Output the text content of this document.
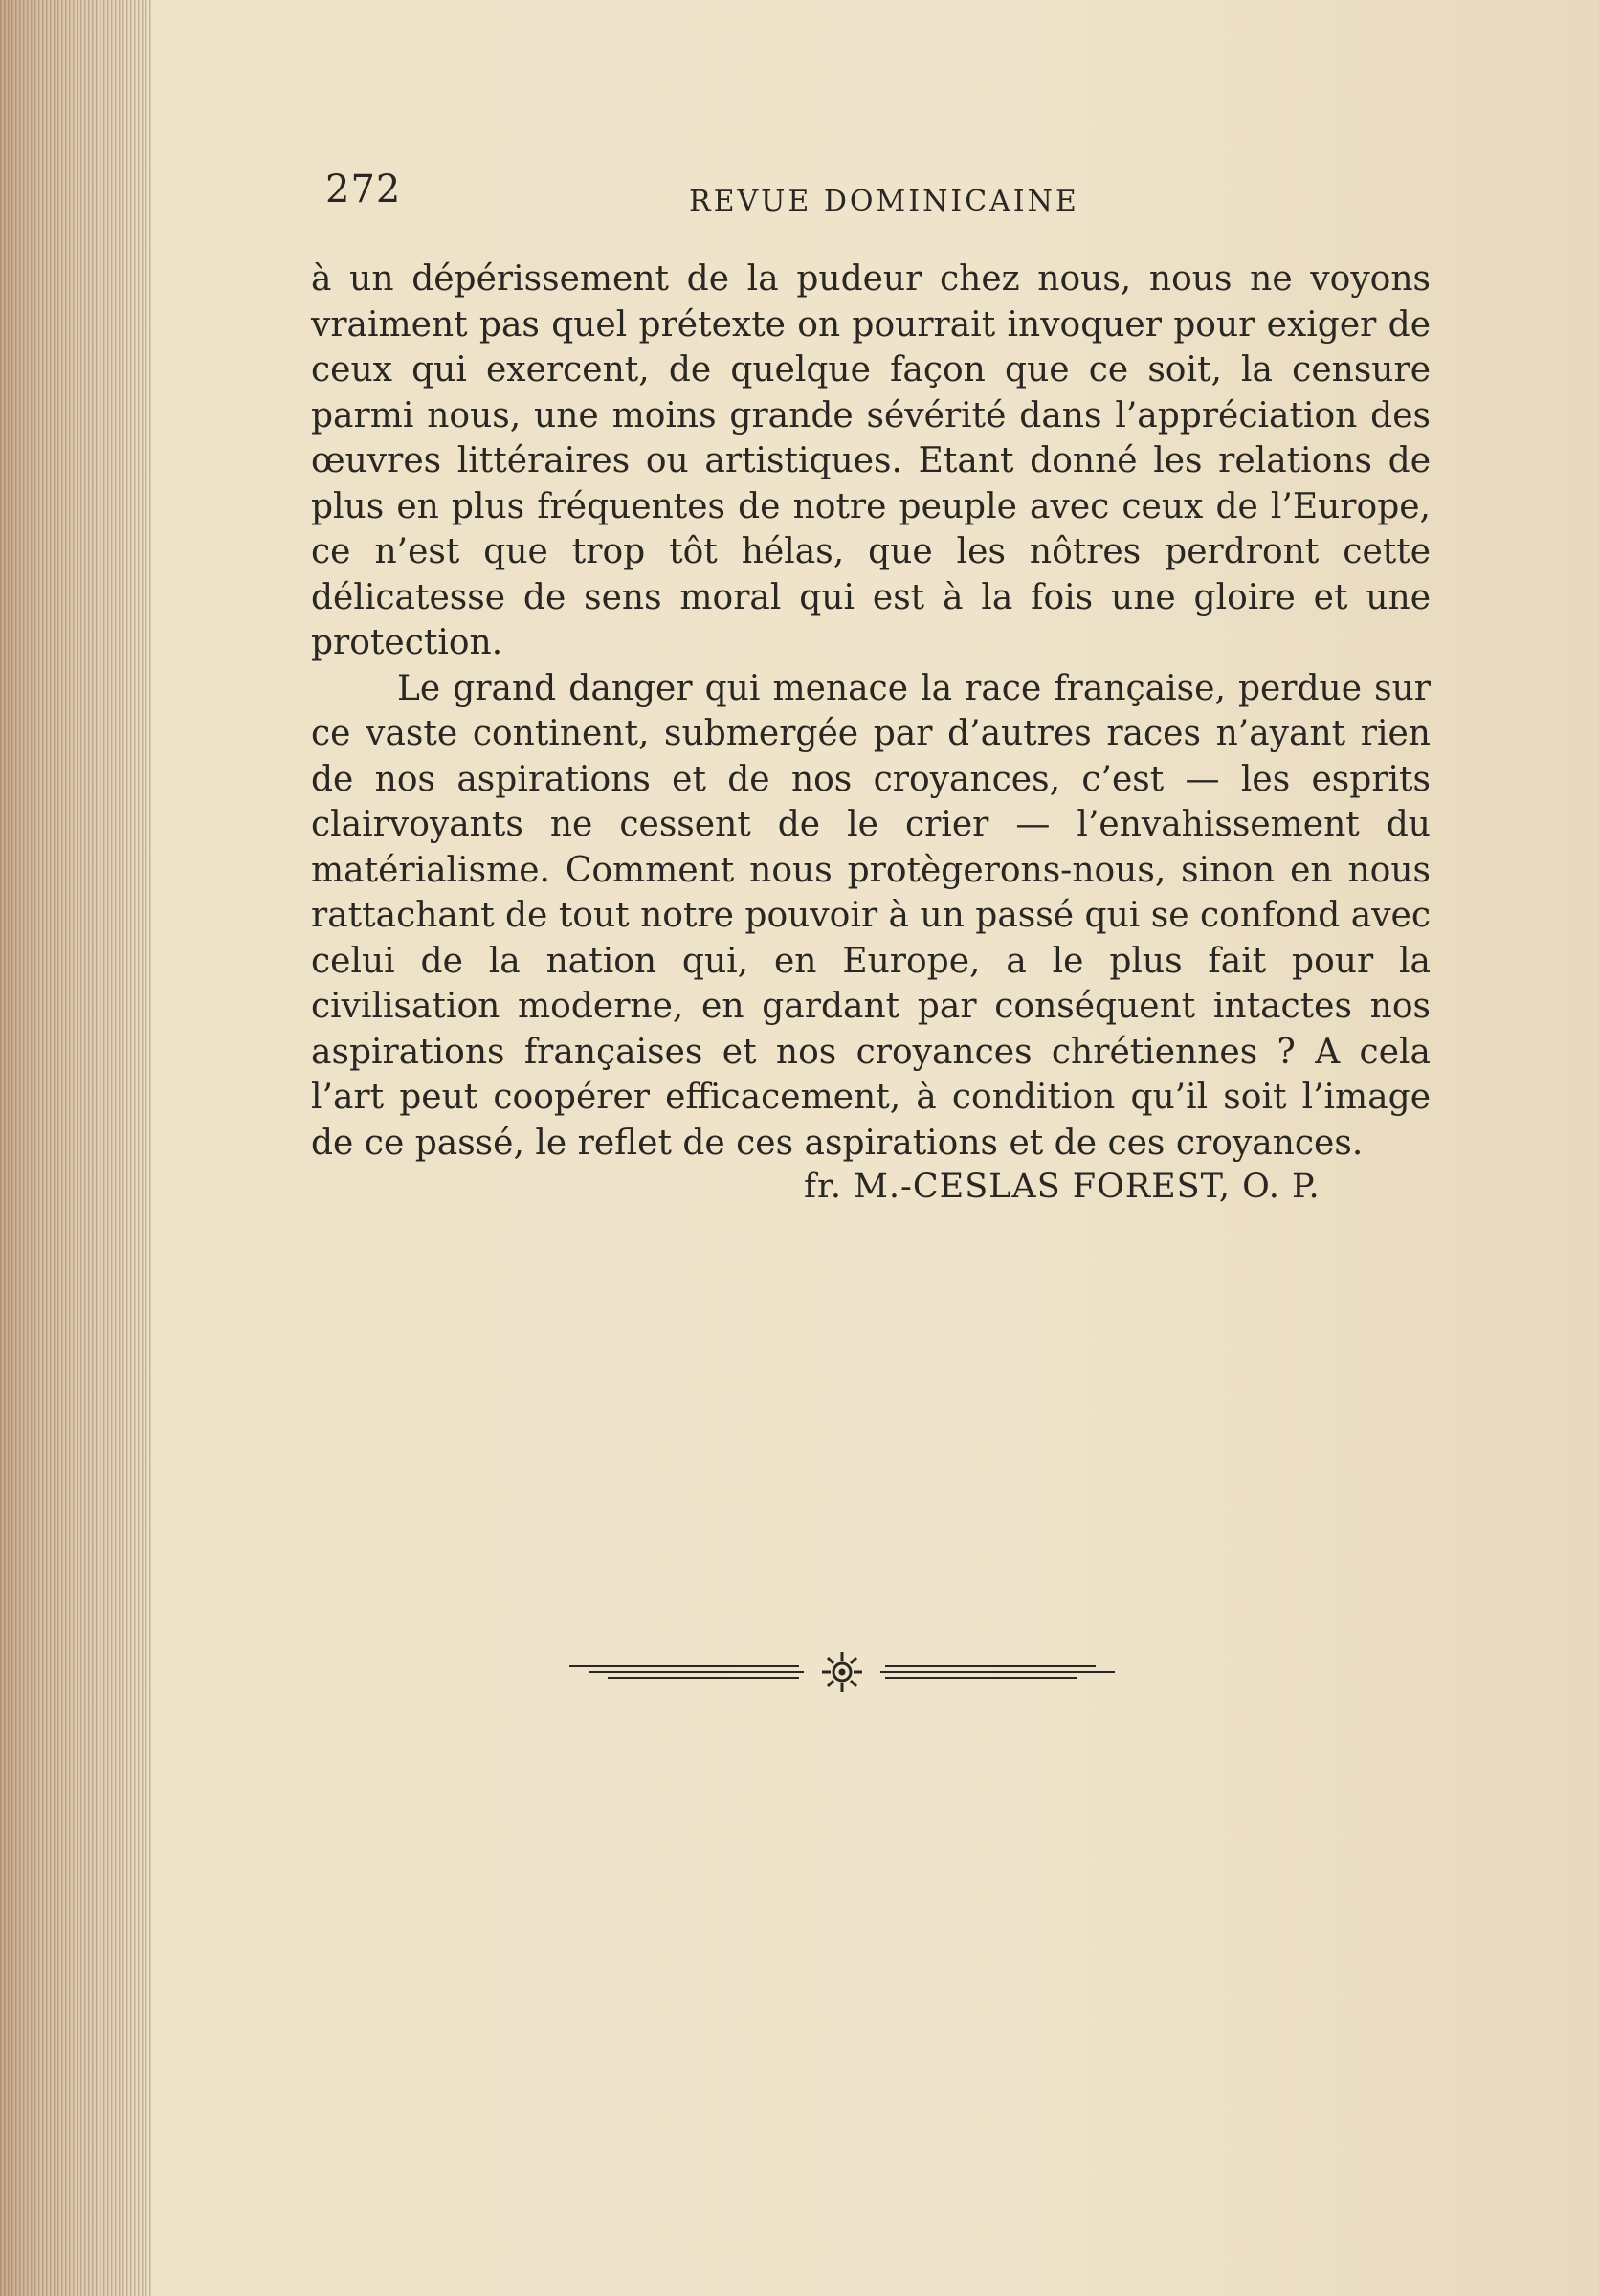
272	REVUE DOMINICAINE

à un dépérissement de la pudeur chez nous, nous ne voyons vraiment pas quel prétexte on pourrait invoquer pour exiger de ceux qui exercent, de quelque façon que ce soit, la censure parmi nous, une moins grande sévérité dans l’appréciation des œuvres littéraires ou artistiques. Etant donné les relations de plus en plus fréquentes de notre peuple avec ceux de l’Europe, ce n’est que trop tôt hélas, que les nôtres perdront cette délicatesse de sens moral qui est à la fois une gloire et une protection.

Le grand danger qui menace la race française, perdue sur ce vaste continent, submergée par d’autres races n’ayant rien de nos aspirations et de nos croyances, c’est — les esprits clairvoyants ne cessent de le crier — l’envahissement du matérialisme. Comment nous protègerons-nous, sinon en nous rattachant de tout notre pouvoir à un passé qui se confond avec celui de la nation qui, en Europe, a le plus fait pour la civilisation moderne, en gardant par conséquent intactes nos aspirations françaises et nos croyances chrétiennes ? A cela l’art peut coopérer efficacement, à condition qu’il soit l’image de ce passé, le reflet de ces aspirations et de ces croyances.

fr. M.-CESLAS FOREST, O. P.
